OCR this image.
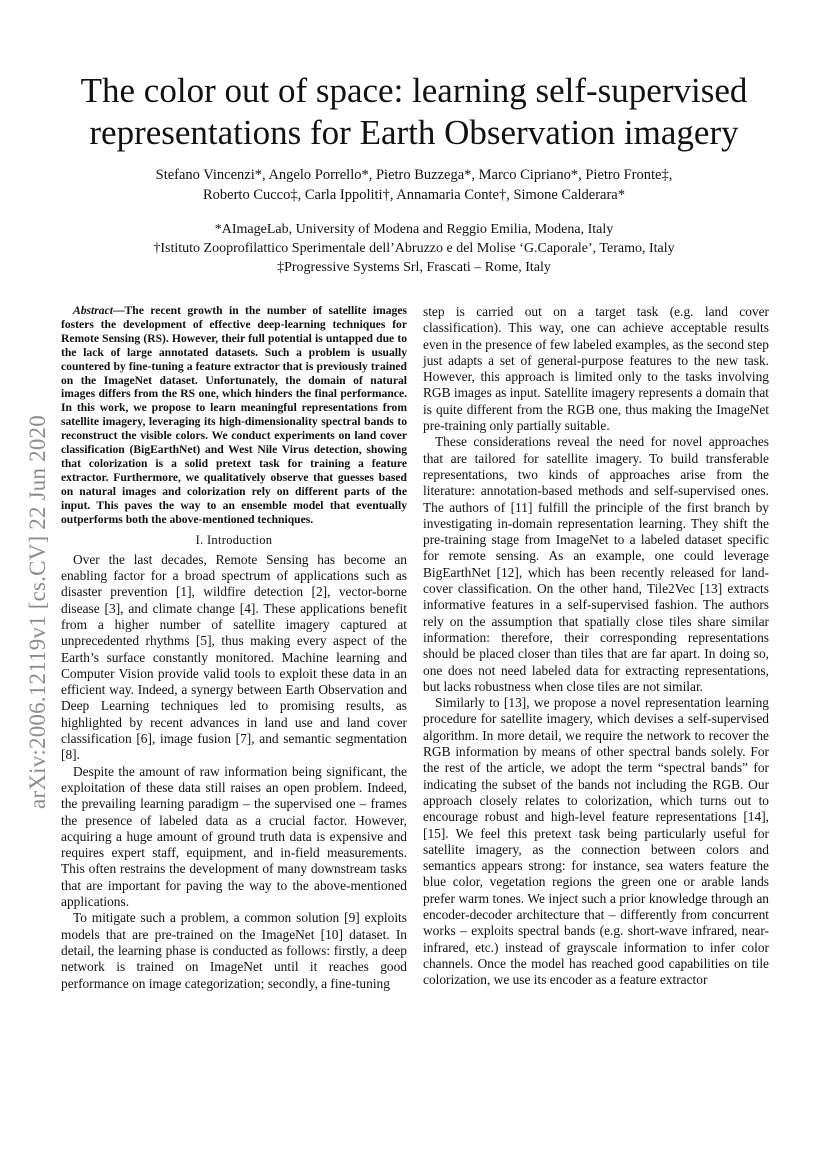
arXiv:2006.12119v1 [cs.CV] 22 Jun 2020
The color out of space: learning self-supervised representations for Earth Observation imagery
Stefano Vincenzi*, Angelo Porrello*, Pietro Buzzega*, Marco Cipriano*, Pietro Fronte‡,
Roberto Cucco‡, Carla Ippoliti†, Annamaria Conte†, Simone Calderara*
*AImageLab, University of Modena and Reggio Emilia, Modena, Italy
†Istituto Zooprofilattico Sperimentale dell’Abruzzo e del Molise ‘G.Caporale’, Teramo, Italy
‡Progressive Systems Srl, Frascati – Rome, Italy

Abstract—The recent growth in the number of satellite images fosters the development of effective deep-learning techniques for Remote Sensing (RS). However, their full potential is untapped due to the lack of large annotated datasets. Such a problem is usually countered by fine-tuning a feature extractor that is previously trained on the ImageNet dataset. Unfortunately, the domain of natural images differs from the RS one, which hinders the final performance. In this work, we propose to learn meaningful representations from satellite imagery, leveraging its high-dimensionality spectral bands to reconstruct the visible colors. We conduct experiments on land cover classification (BigEarthNet) and West Nile Virus detection, showing that colorization is a solid pretext task for training a feature extractor. Furthermore, we qualitatively observe that guesses based on natural images and colorization rely on different parts of the input. This paves the way to an ensemble model that eventually outperforms both the above-mentioned techniques.

I. Introduction

Over the last decades, Remote Sensing has become an enabling factor for a broad spectrum of applications such as disaster prevention [1], wildfire detection [2], vector-borne disease [3], and climate change [4]. These applications benefit from a higher number of satellite imagery captured at unprecedented rhythms [5], thus making every aspect of the Earth’s surface constantly monitored. Machine learning and Computer Vision provide valid tools to exploit these data in an efficient way. Indeed, a synergy between Earth Observation and Deep Learning techniques led to promising results, as highlighted by recent advances in land use and land cover classification [6], image fusion [7], and semantic segmentation [8].

Despite the amount of raw information being significant, the exploitation of these data still raises an open problem. Indeed, the prevailing learning paradigm – the supervised one – frames the presence of labeled data as a crucial factor. However, acquiring a huge amount of ground truth data is expensive and requires expert staff, equipment, and in-field measurements. This often restrains the development of many downstream tasks that are important for paving the way to the above-mentioned applications.

To mitigate such a problem, a common solution [9] exploits models that are pre-trained on the ImageNet [10] dataset. In detail, the learning phase is conducted as follows: firstly, a deep network is trained on ImageNet until it reaches good performance on image categorization; secondly, a fine-tuning

step is carried out on a target task (e.g. land cover classification). This way, one can achieve acceptable results even in the presence of few labeled examples, as the second step just adapts a set of general-purpose features to the new task. However, this approach is limited only to the tasks involving RGB images as input. Satellite imagery represents a domain that is quite different from the RGB one, thus making the ImageNet pre-training only partially suitable.

These considerations reveal the need for novel approaches that are tailored for satellite imagery. To build transferable representations, two kinds of approaches arise from the literature: annotation-based methods and self-supervised ones. The authors of [11] fulfill the principle of the first branch by investigating in-domain representation learning. They shift the pre-training stage from ImageNet to a labeled dataset specific for remote sensing. As an example, one could leverage BigEarthNet [12], which has been recently released for land-cover classification. On the other hand, Tile2Vec [13] extracts informative features in a self-supervised fashion. The authors rely on the assumption that spatially close tiles share similar information: therefore, their corresponding representations should be placed closer than tiles that are far apart. In doing so, one does not need labeled data for extracting representations, but lacks robustness when close tiles are not similar.

Similarly to [13], we propose a novel representation learning procedure for satellite imagery, which devises a self-supervised algorithm. In more detail, we require the network to recover the RGB information by means of other spectral bands solely. For the rest of the article, we adopt the term “spectral bands” for indicating the subset of the bands not including the RGB. Our approach closely relates to colorization, which turns out to encourage robust and high-level feature representations [14], [15]. We feel this pretext task being particularly useful for satellite imagery, as the connection between colors and semantics appears strong: for instance, sea waters feature the blue color, vegetation regions the green one or arable lands prefer warm tones. We inject such a prior knowledge through an encoder-decoder architecture that – differently from concurrent works – exploits spectral bands (e.g. short-wave infrared, near-infrared, etc.) instead of grayscale information to infer color channels. Once the model has reached good capabilities on tile colorization, we use its encoder as a feature extractor
